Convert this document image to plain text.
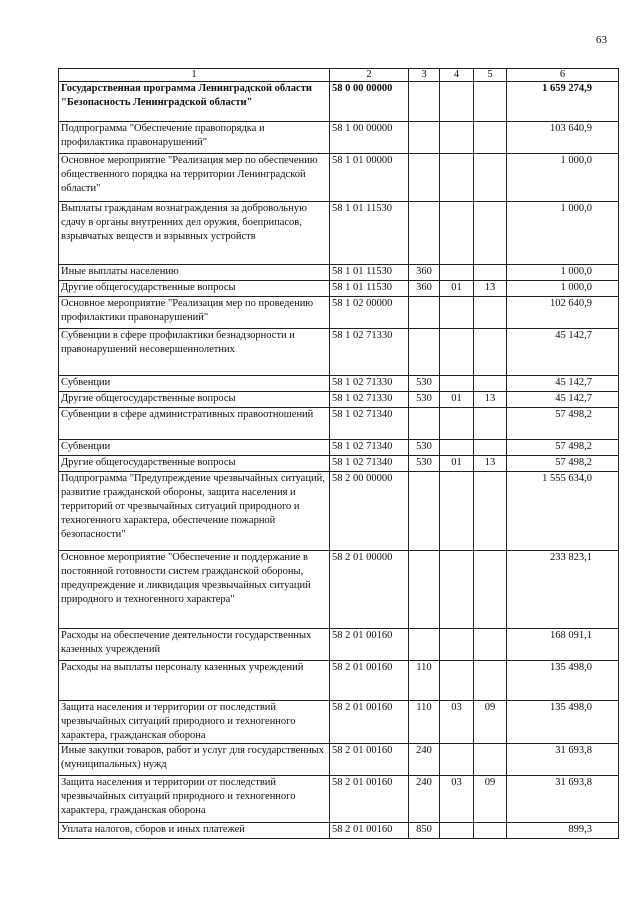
63
1	2	3	4	5	6
Государственная программа Ленинградской области "Безопасность Ленинградской области"	58 0 00 00000				1 659 274,9
Подпрограмма "Обеспечение правопорядка и профилактика правонарушений"	58 1 00 00000				103 640,9
Основное мероприятие "Реализация мер по обеспечению общественного порядка на территории Ленинградской области"	58 1 01 00000				1 000,0
Выплаты гражданам вознаграждения за добровольную сдачу в органы внутренних дел оружия, боеприпасов, взрывчатых веществ и взрывных устройств	58 1 01 11530				1 000,0
Иные выплаты населению	58 1 01 11530	360			1 000,0
Другие общегосударственные вопросы	58 1 01 11530	360	01	13	1 000,0
Основное мероприятие "Реализация мер по проведению профилактики правонарушений"	58 1 02 00000				102 640,9
Субвенции в сфере профилактики безнадзорности и правонарушений несовершеннолетних	58 1 02 71330				45 142,7
Субвенции	58 1 02 71330	530			45 142,7
Другие общегосударственные вопросы	58 1 02 71330	530	01	13	45 142,7
Субвенции в сфере административных правоотношений	58 1 02 71340				57 498,2
Субвенции	58 1 02 71340	530			57 498,2
Другие общегосударственные вопросы	58 1 02 71340	530	01	13	57 498,2
Подпрограмма "Предупреждение чрезвычайных ситуаций, развитие гражданской обороны, защита населения и территорий от чрезвычайных ситуаций природного и техногенного характера, обеспечение пожарной безопасности"	58 2 00 00000				1 555 634,0
Основное мероприятие "Обеспечение и поддержание в постоянной готовности систем гражданской обороны, предупреждение и ликвидация чрезвычайных ситуаций природного и техногенного характера"	58 2 01 00000				233 823,1
Расходы на обеспечение деятельности государственных казенных учреждений	58 2 01 00160				168 091,1
Расходы на выплаты персоналу казенных учреждений	58 2 01 00160	110			135 498,0
Защита населения и территории от последствий чрезвычайных ситуаций природного и техногенного характера, гражданская оборона	58 2 01 00160	110	03	09	135 498,0
Иные закупки товаров, работ и услуг для государственных (муниципальных) нужд	58 2 01 00160	240			31 693,8
Защита населения и территории от последствий чрезвычайных ситуаций природного и техногенного характера, гражданская оборона	58 2 01 00160	240	03	09	31 693,8
Уплата налогов, сборов и иных платежей	58 2 01 00160	850			899,3
